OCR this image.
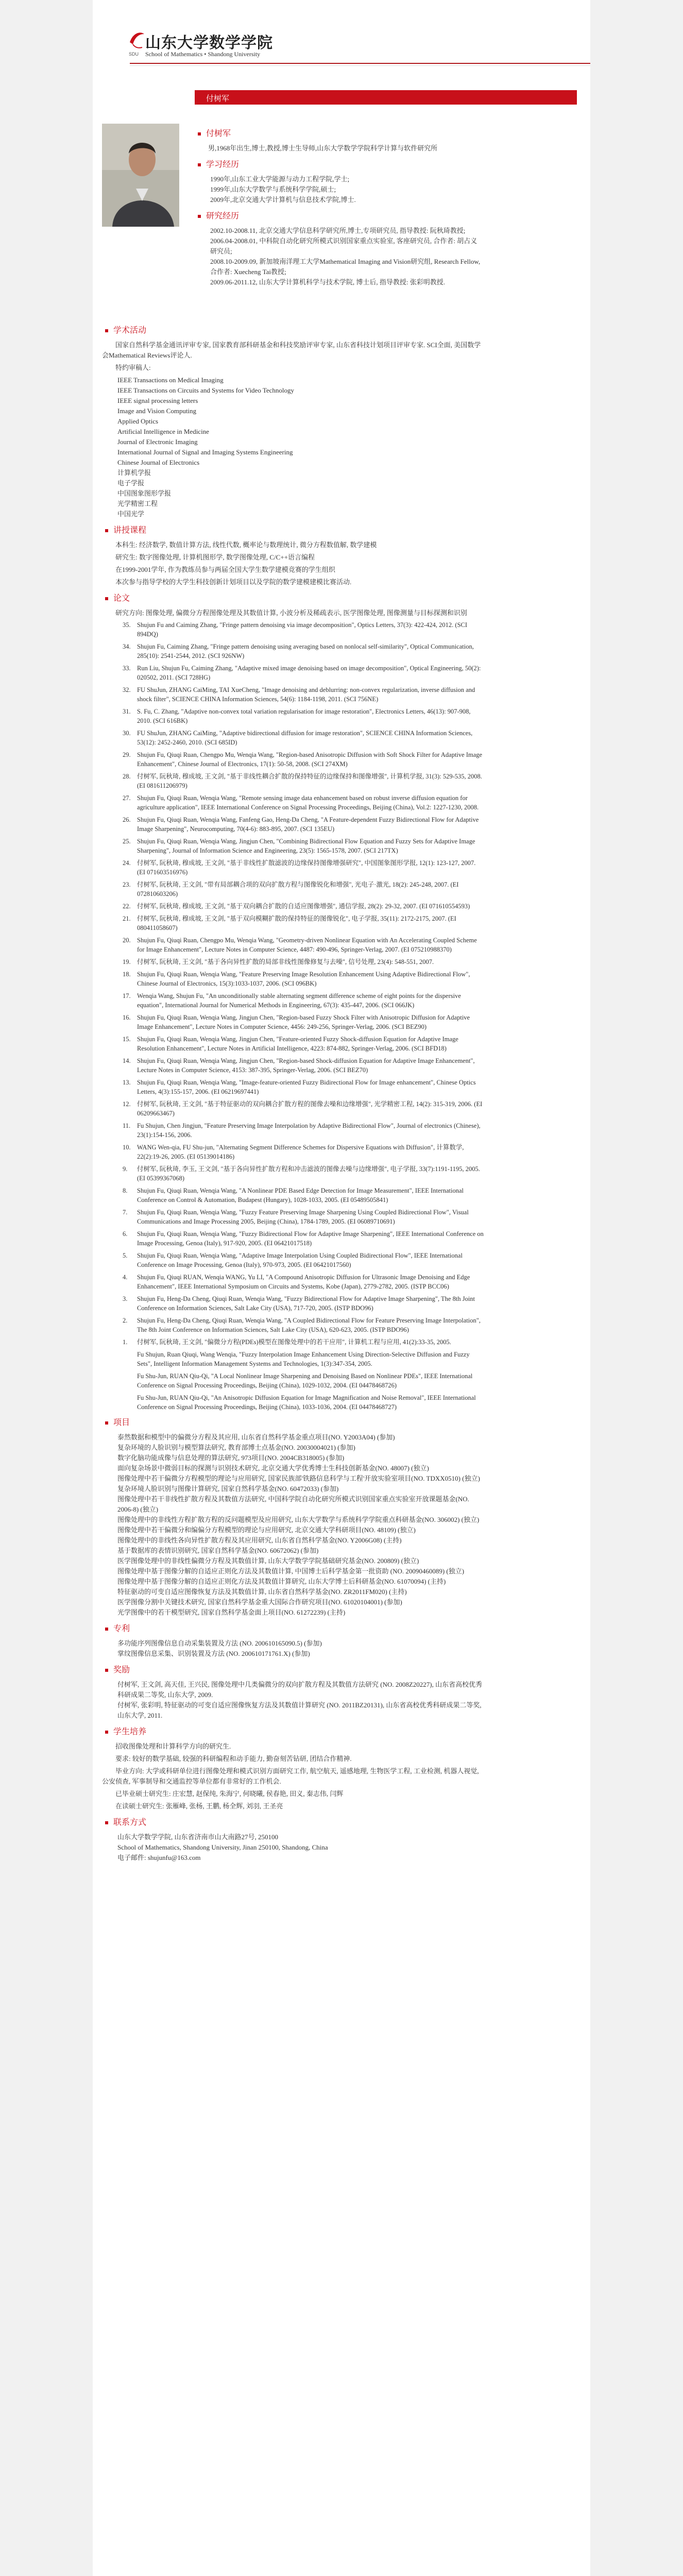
SDU
山东大学数学学院
School of Mathematics • Shandong University
付树军
付树军

男,1968年出生,博士,教授,博士生导师,山东大学数学学院科学计算与软件研究所

学习经历
1990年,山东工业大学能源与动力工程学院,学士;
1999年,山东大学数学与系统科学学院,硕士;
2009年,北京交通大学计算机与信息技术学院,博士.
研究经历
2002.10-2008.11, 北京交通大学信息科学研究所,博士,专项研究员, 指导教授: 阮秋琦教授;
2006.04-2008.01, 中科院自动化研究所模式识别国家重点实验室, 客座研究员, 合作者: 胡占义研究员;
2008.10-2009.09, 新加坡南洋理工大学Mathematical Imaging and Vision研究组, Research Fellow, 合作者: Xuecheng Tai教授;
2009.06-2011.12, 山东大学计算机科学与技术学院, 博士后, 指导教授: 张彩明教授.
学术活动

国家自然科学基金通讯评审专家, 国家教育部科研基金和科技奖励评审专家, 山东省科技计划项目评审专家. SCI全面, 美国数学会Mathematical Reviews评论人.

特约审稿人:

IEEE Transactions on Medical Imaging
IEEE Transactions on Circuits and Systems for Video Technology
IEEE signal processing letters
Image and Vision Computing
Applied Optics
Artificial Intelligence in Medicine
Journal of Electronic Imaging
International Journal of Signal and Imaging Systems Engineering
Chinese Journal of Electronics
计算机学报
电子学报
中国图象图形学报
光学精密工程
中国光学
讲授课程

本科生: 经济数学, 数值计算方法, 线性代数, 概率论与数理统计, 微分方程数值解, 数学建模

研究生: 数字图像处理, 计算机图形学, 数学图像处理, C/C++语言编程

在1999-2001学年, 作为教练员参与两届全国大学生数学建模竞赛的学生组织

本次参与指导学校的大学生科技创新计划项目以及学院的数学建模建模比赛活动.

论文

研究方向: 图像处理, 偏微分方程图像处理及其数值计算, 小波分析及稀疏表示, 医学图像处理, 图像测量与目标探测和识别

35. Shujun Fu and Caiming Zhang, "Fringe pattern denoising via image decomposition", Optics Letters, 37(3): 422-424, 2012. (SCI 894DQ)
34. Shujun Fu, Caiming Zhang, "Fringe pattern denoising using averaging based on nonlocal self-similarity", Optical Communication, 285(10): 2541-2544, 2012. (SCI 926NW)
33. Run Liu, Shujun Fu, Caiming Zhang, "Adaptive mixed image denoising based on image decomposition", Optical Engineering, 50(2): 020502, 2011. (SCI 728HG)
32. FU ShuJun, ZHANG CaiMing, TAI XueCheng, "Image denoising and deblurring: non-convex regularization, inverse diffusion and shock filter", SCIENCE CHINA Information Sciences, 54(6): 1184-1198, 2011. (SCI 756NE)
31. S. Fu, C. Zhang, "Adaptive non-convex total variation regularisation for image restoration", Electronics Letters, 46(13): 907-908, 2010. (SCI 616BK)
30. FU ShuJun, ZHANG CaiMing, "Adaptive bidirectional diffusion for image restoration", SCIENCE CHINA Information Sciences, 53(12): 2452-2460, 2010. (SCI 685ID)
29. Shujun Fu, Qiuqi Ruan, Chengpo Mu, Wenqia Wang, "Region-based Anisotropic Diffusion with Soft Shock Filter for Adaptive Image Enhancement", Chinese Journal of Electronics, 17(1): 50-58, 2008. (SCI 274XM)
28. 付树军, 阮秋琦, 穆成坡, 王文剑, "基于非线性耦合扩散的保持特征的边缘保持和图像增强", 计算机学报, 31(3): 529-535, 2008. (EI 081611206979)
27. Shujun Fu, Qiuqi Ruan, Wenqia Wang, "Remote sensing image data enhancement based on robust inverse diffusion equation for agriculture application", IEEE International Conference on Signal Processing Proceedings, Beijing (China), Vol.2: 1227-1230, 2008.
26. Shujun Fu, Qiuqi Ruan, Wenqia Wang, Fanfeng Gao, Heng-Da Cheng, "A Feature-dependent Fuzzy Bidirectional Flow for Adaptive Image Sharpening", Neurocomputing, 70(4-6): 883-895, 2007. (SCI 135EU)
25. Shujun Fu, Qiuqi Ruan, Wenqia Wang, Jingjun Chen, "Combining Bidirectional Flow Equation and Fuzzy Sets for Adaptive Image Sharpening", Journal of Information Science and Engineering, 23(5): 1565-1578, 2007. (SCI 217TX)
24. 付树军, 阮秋琦, 穆成坡, 王文剑, "基于非线性扩散滤波的边缘保持图像增强研究", 中国图象图形学报, 12(1): 123-127, 2007. (EI 071603516976)
23. 付树军, 阮秋琦, 王文剑, "带有局部耦合项的双向扩散方程与图像锐化和增强", 光电子·激光, 18(2): 245-248, 2007. (EI 072810603206)
22. 付树军, 阮秋琦, 穆成坡, 王文剑, "基于双向耦合扩散的自适应图像增强", 通信学报, 28(2): 29-32, 2007. (EI 071610554593)
21. 付树军, 阮秋琦, 穆成坡, 王文剑, "基于双向模糊扩散的保持特征的图像锐化", 电子学报, 35(11): 2172-2175, 2007. (EI 080411058607)
20. Shujun Fu, Qiuqi Ruan, Chengpo Mu, Wenqia Wang, "Geometry-driven Nonlinear Equation with An Accelerating Coupled Scheme for Image Enhancement", Lecture Notes in Computer Science, 4487: 490-496, Springer-Verlag, 2007. (EI 075210988370)
19. 付树军, 阮秋琦, 王文剑, "基于各向异性扩散的局部非线性图像修复与去噪", 信号处理, 23(4): 548-551, 2007.
18. Shujun Fu, Qiuqi Ruan, Wenqia Wang, "Feature Preserving Image Resolution Enhancement Using Adaptive Bidirectional Flow", Chinese Journal of Electronics, 15(3):1033-1037, 2006. (SCI 096BK)
17. Wenqia Wang, Shujun Fu, "An unconditionally stable alternating segment difference scheme of eight points for the dispersive equation", International Journal for Numerical Methods in Engineering, 67(3): 435-447, 2006. (SCI 066JK)
16. Shujun Fu, Qiuqi Ruan, Wenqia Wang, Jingjun Chen, "Region-based Fuzzy Shock Filter with Anisotropic Diffusion for Adaptive Image Enhancement", Lecture Notes in Computer Science, 4456: 249-256, Springer-Verlag, 2006. (SCI BEZ90)
15. Shujun Fu, Qiuqi Ruan, Wenqia Wang, Jingjun Chen, "Feature-oriented Fuzzy Shock-diffusion Equation for Adaptive Image Resolution Enhancement", Lecture Notes in Artificial Intelligence, 4223: 874-882, Springer-Verlag, 2006. (SCI BFD18)
14. Shujun Fu, Qiuqi Ruan, Wenqia Wang, Jingjun Chen, "Region-based Shock-diffusion Equation for Adaptive Image Enhancement", Lecture Notes in Computer Science, 4153: 387-395, Springer-Verlag, 2006. (SCI BEZ70)
13. Shujun Fu, Qiuqi Ruan, Wenqia Wang, "Image-feature-oriented Fuzzy Bidirectional Flow for Image enhancement", Chinese Optics Letters, 4(3):155-157, 2006. (EI 06219697441)
12. 付树军, 阮秋琦, 王文剑, "基于特征驱动的双向耦合扩散方程的图像去噪和边缘增强", 光学精密工程, 14(2): 315-319, 2006. (EI 06209663467)
11. Fu Shujun, Chen Jingjun, "Feature Preserving Image Interpolation by Adaptive Bidirectional Flow", Journal of electronics (Chinese), 23(1):154-156, 2006.
10. WANG Wen-qia, FU Shu-jun, "Alternating Segment Difference Schemes for Dispersive Equations with Diffusion", 计算数学, 22(2):19-26, 2005. (EI 05139014186)
9. 付树军, 阮秋琦, 李玉, 王文剑, "基于各向异性扩散方程和冲击滤波的图像去噪与边缘增强", 电子学报, 33(7):1191-1195, 2005. (EI 05399367068)
8. Shujun Fu, Qiuqi Ruan, Wenqia Wang, "A Nonlinear PDE Based Edge Detection for Image Measurement", IEEE International Conference on Control & Automation, Budapest (Hungary), 1028-1033, 2005. (EI 05489505841)
7. Shujun Fu, Qiuqi Ruan, Wenqia Wang, "Fuzzy Feature Preserving Image Sharpening Using Coupled Bidirectional Flow", Visual Communications and Image Processing 2005, Beijing (China), 1784-1789, 2005. (EI 06089710691)
6. Shujun Fu, Qiuqi Ruan, Wenqia Wang, "Fuzzy Bidirectional Flow for Adaptive Image Sharpening", IEEE International Conference on Image Processing, Genoa (Italy), 917-920, 2005. (EI 06421017518)
5. Shujun Fu, Qiuqi Ruan, Wenqia Wang, "Adaptive Image Interpolation Using Coupled Bidirectional Flow", IEEE International Conference on Image Processing, Genoa (Italy), 970-973, 2005. (EI 06421017560)
4. Shujun Fu, Qiuqi RUAN, Wenqia WANG, Yu LI, "A Compound Anisotropic Diffusion for Ultrasonic Image Denoising and Edge Enhancement", IEEE International Symposium on Circuits and Systems, Kobe (Japan), 2779-2782, 2005. (ISTP BCC06)
3. Shujun Fu, Heng-Da Cheng, Qiuqi Ruan, Wenqia Wang, "Fuzzy Bidirectional Flow for Adaptive Image Sharpening", The 8th Joint Conference on Information Sciences, Salt Lake City (USA), 717-720, 2005. (ISTP BDO96)
2. Shujun Fu, Heng-Da Cheng, Qiuqi Ruan, Wenqia Wang, "A Coupled Bidirectional Flow for Feature Preserving Image Interpolation", The 8th Joint Conference on Information Sciences, Salt Lake City (USA), 620-623, 2005. (ISTP BDO96)
1. 付树军, 阮秋琦, 王文剑, "偏微分方程(PDEs)模型在图像处理中的若干应用", 计算机工程与应用, 41(2):33-35, 2005.
Fu Shujun, Ruan Qiuqi, Wang Wenqia, "Fuzzy Interpolation Image Enhancement Using Direction-Selective Diffusion and Fuzzy Sets", Intelligent Information Management Systems and Technologies, 1(3):347-354, 2005.
Fu Shu-Jun, RUAN Qiu-Qi, "A Local Nonlinear Image Sharpening and Denoising Based on Nonlinear PDEs", IEEE International Conference on Signal Processing Proceedings, Beijing (China), 1029-1032, 2004. (EI 04478468726)
Fu Shu-Jun, RUAN Qiu-Qi, "An Anisotropic Diffusion Equation for Image Magnification and Noise Removal", IEEE International Conference on Signal Processing Proceedings, Beijing (China), 1033-1036, 2004. (EI 04478468727)
项目
泰然数据和模型中的偏微分方程及其应用, 山东省自然科学基金重点项目(NO. Y2003A04) (参加)
复杂环境的人脸识别与模型算法研究, 教育部博士点基金(NO. 20030004021) (参加)
数字化脑功能成像与信息处理的算法研究, 973项目(NO. 2004CB318005) (参加)
面向复杂场景中微弱目标的探测与识别技术研究, 北京交通大学优秀博士生科技创新基金(NO. 48007) (独立)
图像处理中若干偏微分方程模型的理论与应用研究, 国家民族部'铁路信息科学与工程'开放实验室项目(NO. TDXX0510) (独立)
复杂环境人脸识别与图像计算研究, 国家自然科学基金(NO. 60472033) (参加)
图像处理中若干非线性扩散方程及其数值方法研究, 中国科学院自动化研究所模式识别国家重点实验室开放课题基金(NO. 2006-8) (独立)
图像处理中的非线性方程扩散方程的反问题模型及应用研究, 山东大学数学与系统科学学院重点科研基金(NO. 306002) (独立)
图像处理中若干偏微分和编偏分方程模型的理论与应用研究, 北京交通大学科研项目(NO. 48109) (独立)
图像处理中的非线性各向异性扩散方程及其应用研究, 山东省自然科学基金(NO. Y2006G08) (主持)
基于数据库的表情识别研究, 国家自然科学基金(NO. 60672062) (参加)
医学图像处理中的非线性偏微分方程及其数值计算, 山东大学数学学院基础研究基金(NO. 200809) (独立)
图像处理中基于图像分解的自适应正则化方法及其数值计算, 中国博士后科学基金第一批资助 (NO. 20090460089) (独立)
图像处理中基于图像分解的自适应正则化方法及其数值计算研究, 山东大学博士后科研基金(NO. 61070094) (主持)
特征驱动的可变自适应图像恢复方法及其数值计算, 山东省自然科学基金(NO. ZR2011FM020) (主持)
医学图像分割中关键技术研究, 国家自然科学基金重大国际合作研究项目(NO. 61020104001) (参加)
光学图像中的若干模型研究, 国家自然科学基金面上项目(NO. 61272239) (主持)
专利
多功能序列图像信息自动采集装置及方法 (NO. 200610165090.5) (参加)
掌纹图像信息采集、识别装置及方法 (NO. 200610171761.X) (参加)
奖励
付树军, 王文剑, 高天佳, 王兴民, 图像处理中几类偏微分的双向扩散方程及其数值方法研究 (NO. 2008Z20227), 山东省高校优秀科研成果二等奖, 山东大学, 2009.
付树军, 张彩明, 特征驱动的可变自适应图像恢复方法及其数值计算研究 (NO. 2011BZ20131), 山东省高校优秀科研成果二等奖, 山东大学, 2011.
学生培养

招收图像处理和计算科学方向的研究生.

要求: 较好的数学基础, 较强的科研编程和动手能力, 勤奋刻苦钻研, 团结合作精神.

毕业方向: 大学或科研单位进行图像处理和模式识别方面研究工作, 航空航天, 遥感地理, 生物医学工程, 工业检测, 机器人视觉, 公安侦查, 军事制导和交通监控等单位都有非常好的工作机会.

已毕业硕士研究生: 庄宏慧, 赵保纯, 朱海宁, 何晓曦, 侯春艳, 田义, 秦志伟, 闫辉

在读硕士研究生: 张雁峰, 张杨, 王鹏, 杨全辉, 刘羽, 王圣亮

联系方式

山东大学数学学院, 山东省济南市山大南路27号, 250100

School of Mathematics, Shandong University, Jinan 250100, Shandong, China

电子邮件: shujunfu@163.com
